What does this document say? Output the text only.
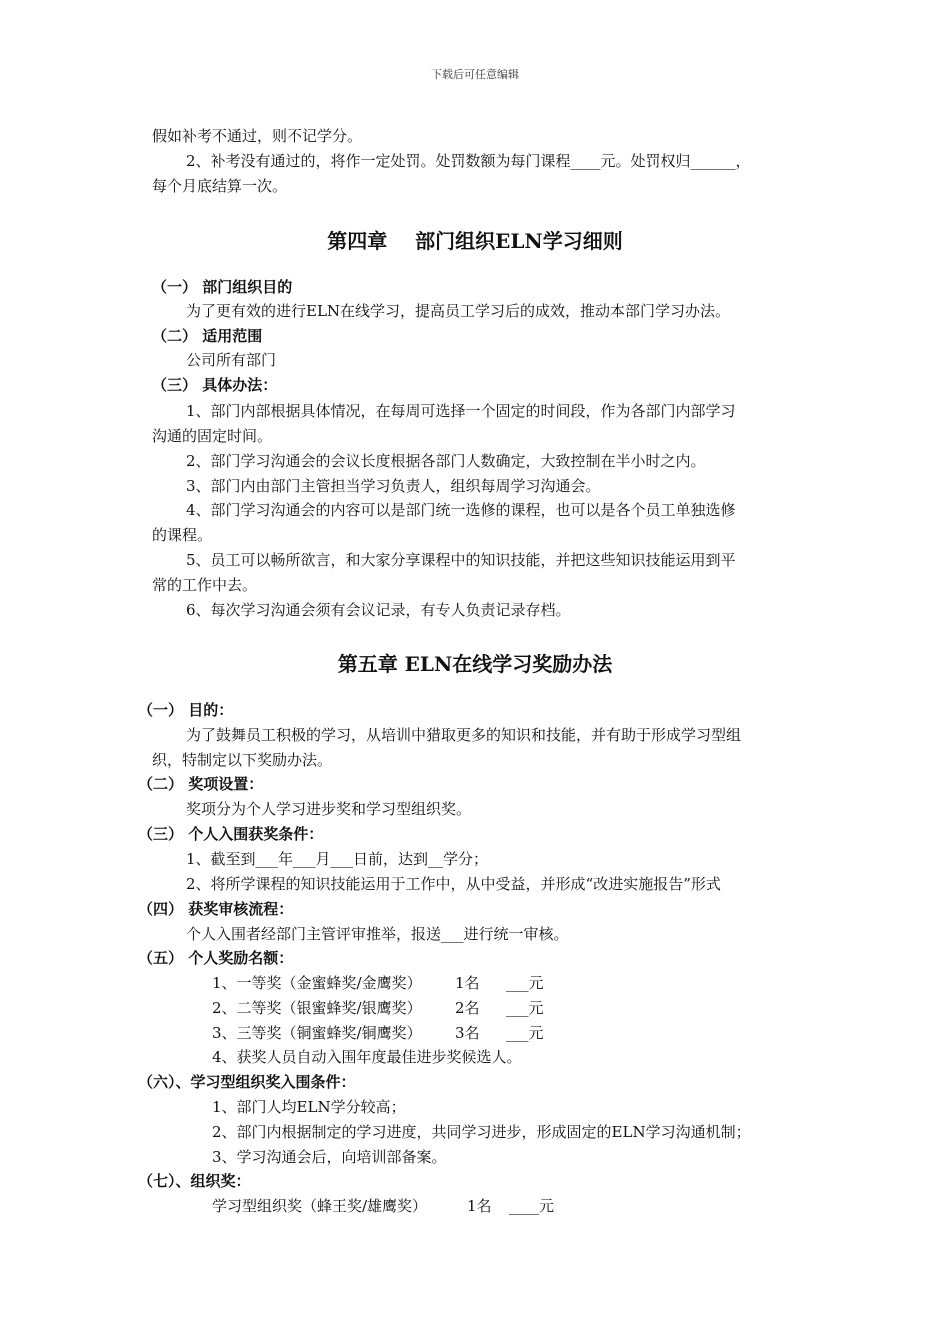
下载后可任意编辑
假如补考不通过，则不记学分。
2、补考没有通过的，将作一定处罚。处罚数额为每门课程____元。处罚权归______，
每个月底结算一次。
第四章    部门组织ELN学习细则
（一） 部门组织目的
为了更有效的进行ELN在线学习，提高员工学习后的成效，推动本部门学习办法。
（二） 适用范围
公司所有部门
（三） 具体办法：
1、部门内部根据具体情况，在每周可选择一个固定的时间段，作为各部门内部学习
沟通的固定时间。
2、部门学习沟通会的会议长度根据各部门人数确定，大致控制在半小时之内。
3、部门内由部门主管担当学习负责人，组织每周学习沟通会。
4、部门学习沟通会的内容可以是部门统一选修的课程，也可以是各个员工单独选修
的课程。
5、员工可以畅所欲言，和大家分享课程中的知识技能，并把这些知识技能运用到平
常的工作中去。
6、每次学习沟通会须有会议记录，有专人负责记录存档。
第五章 ELN在线学习奖励办法
（一） 目的：
为了鼓舞员工积极的学习，从培训中猎取更多的知识和技能，并有助于形成学习型组
织，特制定以下奖励办法。
（二） 奖项设置：
奖项分为个人学习进步奖和学习型组织奖。
（三） 个人入围获奖条件：
1、截至到___年___月___日前，达到__学分；
2、将所学课程的知识技能运用于工作中，从中受益，并形成“改进实施报告”形式
（四） 获奖审核流程：
个人入围者经部门主管评审推举，报送___进行统一审核。
（五） 个人奖励名额：
1、一等奖（金蜜蜂奖/金鹰奖） 1名 ___元
2、二等奖（银蜜蜂奖/银鹰奖） 2名 ___元
3、三等奖（铜蜜蜂奖/铜鹰奖） 3名 ___元
4、获奖人员自动入围年度最佳进步奖候选人。
（六）、学习型组织奖入围条件：
1、部门人均ELN学分较高；
2、部门内根据制定的学习进度，共同学习进步，形成固定的ELN学习沟通机制；
3、学习沟通会后，向培训部备案。
（七）、组织奖：
学习型组织奖（蜂王奖/雄鹰奖）	1名 ____元
